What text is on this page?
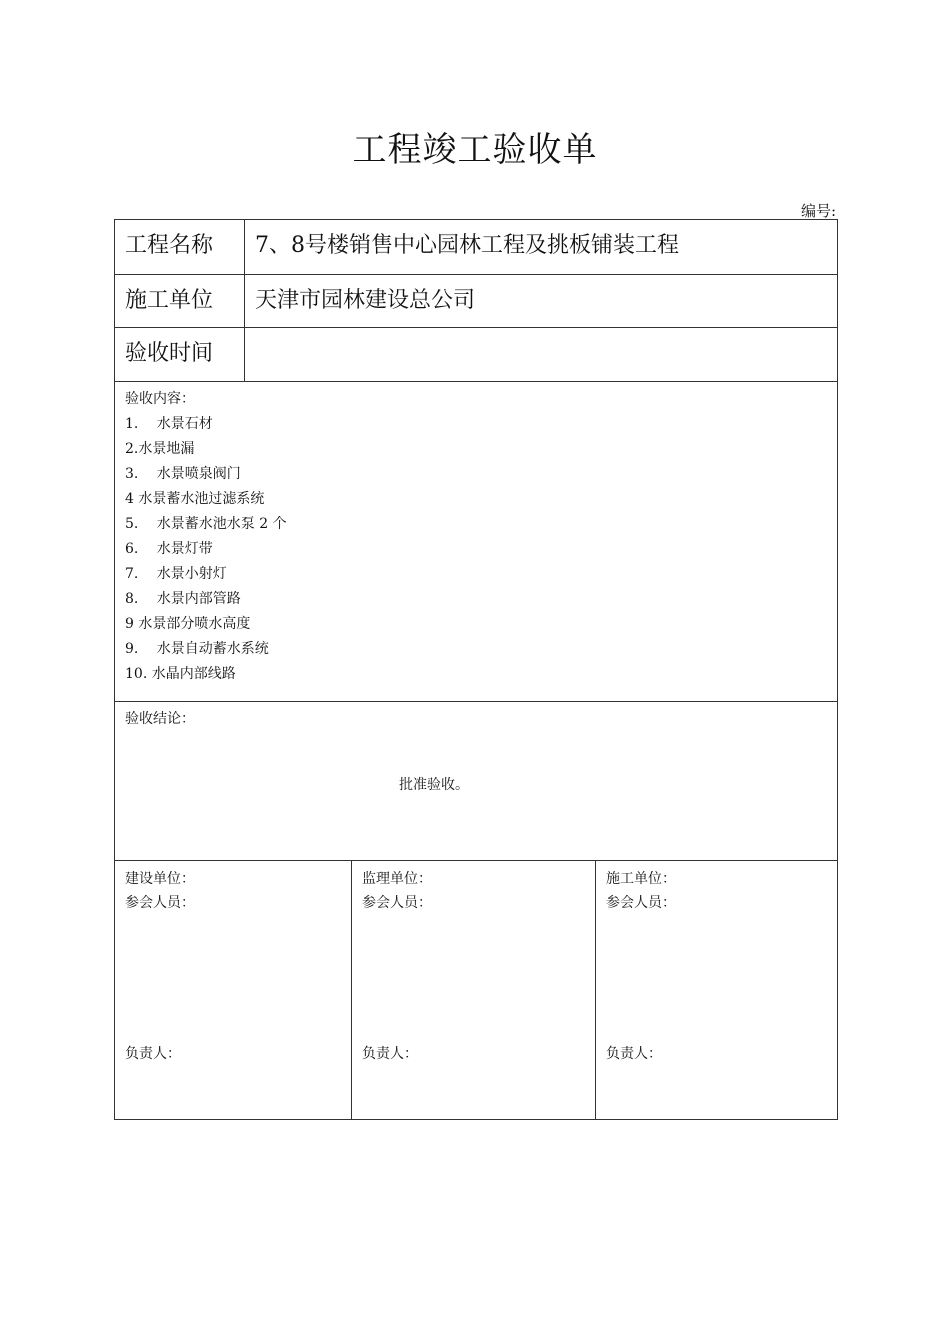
工程竣工验收单
编号:
工程名称	7、8号楼销售中心园林工程及挑板铺装工程
施工单位	天津市园林建设总公司
验收时间
验收内容：
1.　 水景石材
2.水景地漏
3.　 水景喷泉阀门
4 水景蓄水池过滤系统
5.　 水景蓄水池水泵 2 个
6.　 水景灯带
7.　 水景小射灯
8.　 水景内部管路
9 水景部分喷水高度
9.　 水景自动蓄水系统
10. 水晶内部线路
验收结论：
批准验收。
建设单位：
参会人员：
负责人：
监理单位：
参会人员：
负责人：
施工单位：
参会人员：
负责人：
